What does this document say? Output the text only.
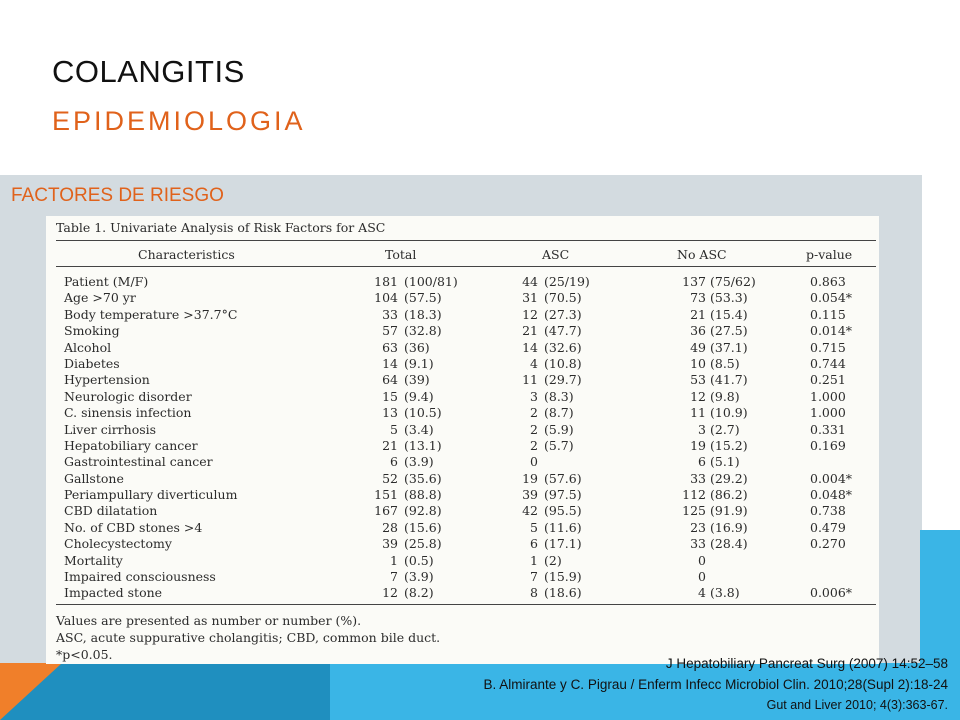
COLANGITIS
EPIDEMIOLOGIA
FACTORES DE RIESGO
Table 1. Univariate Analysis of Risk Factors for ASC
Characteristics	Total	ASC	No ASC	p-value
Patient (M/F)	181 (100/81)	44 (25/19)	137 (75/62)	0.863
Age >70 yr	104 (57.5)	31 (70.5)	73 (53.3)	0.054*
Body temperature >37.7°C	33 (18.3)	12 (27.3)	21 (15.4)	0.115
Smoking	57 (32.8)	21 (47.7)	36 (27.5)	0.014*
Alcohol	63 (36)	14 (32.6)	49 (37.1)	0.715
Diabetes	14 (9.1)	4 (10.8)	10 (8.5)	0.744
Hypertension	64 (39)	11 (29.7)	53 (41.7)	0.251
Neurologic disorder	15 (9.4)	3 (8.3)	12 (9.8)	1.000
C. sinensis infection	13 (10.5)	2 (8.7)	11 (10.9)	1.000
Liver cirrhosis	5 (3.4)	2 (5.9)	3 (2.7)	0.331
Hepatobiliary cancer	21 (13.1)	2 (5.7)	19 (15.2)	0.169
Gastrointestinal cancer	6 (3.9)	0	6 (5.1)
Gallstone	52 (35.6)	19 (57.6)	33 (29.2)	0.004*
Periampullary diverticulum	151 (88.8)	39 (97.5)	112 (86.2)	0.048*
CBD dilatation	167 (92.8)	42 (95.5)	125 (91.9)	0.738
No. of CBD stones >4	28 (15.6)	5 (11.6)	23 (16.9)	0.479
Cholecystectomy	39 (25.8)	6 (17.1)	33 (28.4)	0.270
Mortality	1 (0.5)	1 (2)	0
Impaired consciousness	7 (3.9)	7 (15.9)	0
Impacted stone	12 (8.2)	8 (18.6)	4 (3.8)	0.006*
Values are presented as number or number (%).
ASC, acute suppurative cholangitis; CBD, common bile duct.
*p<0.05.
J Hepatobiliary Pancreat Surg (2007) 14:52–58
B. Almirante y C. Pigrau / Enferm Infecc Microbiol Clin. 2010;28(Supl 2):18-24
Gut and Liver 2010; 4(3):363-67.
